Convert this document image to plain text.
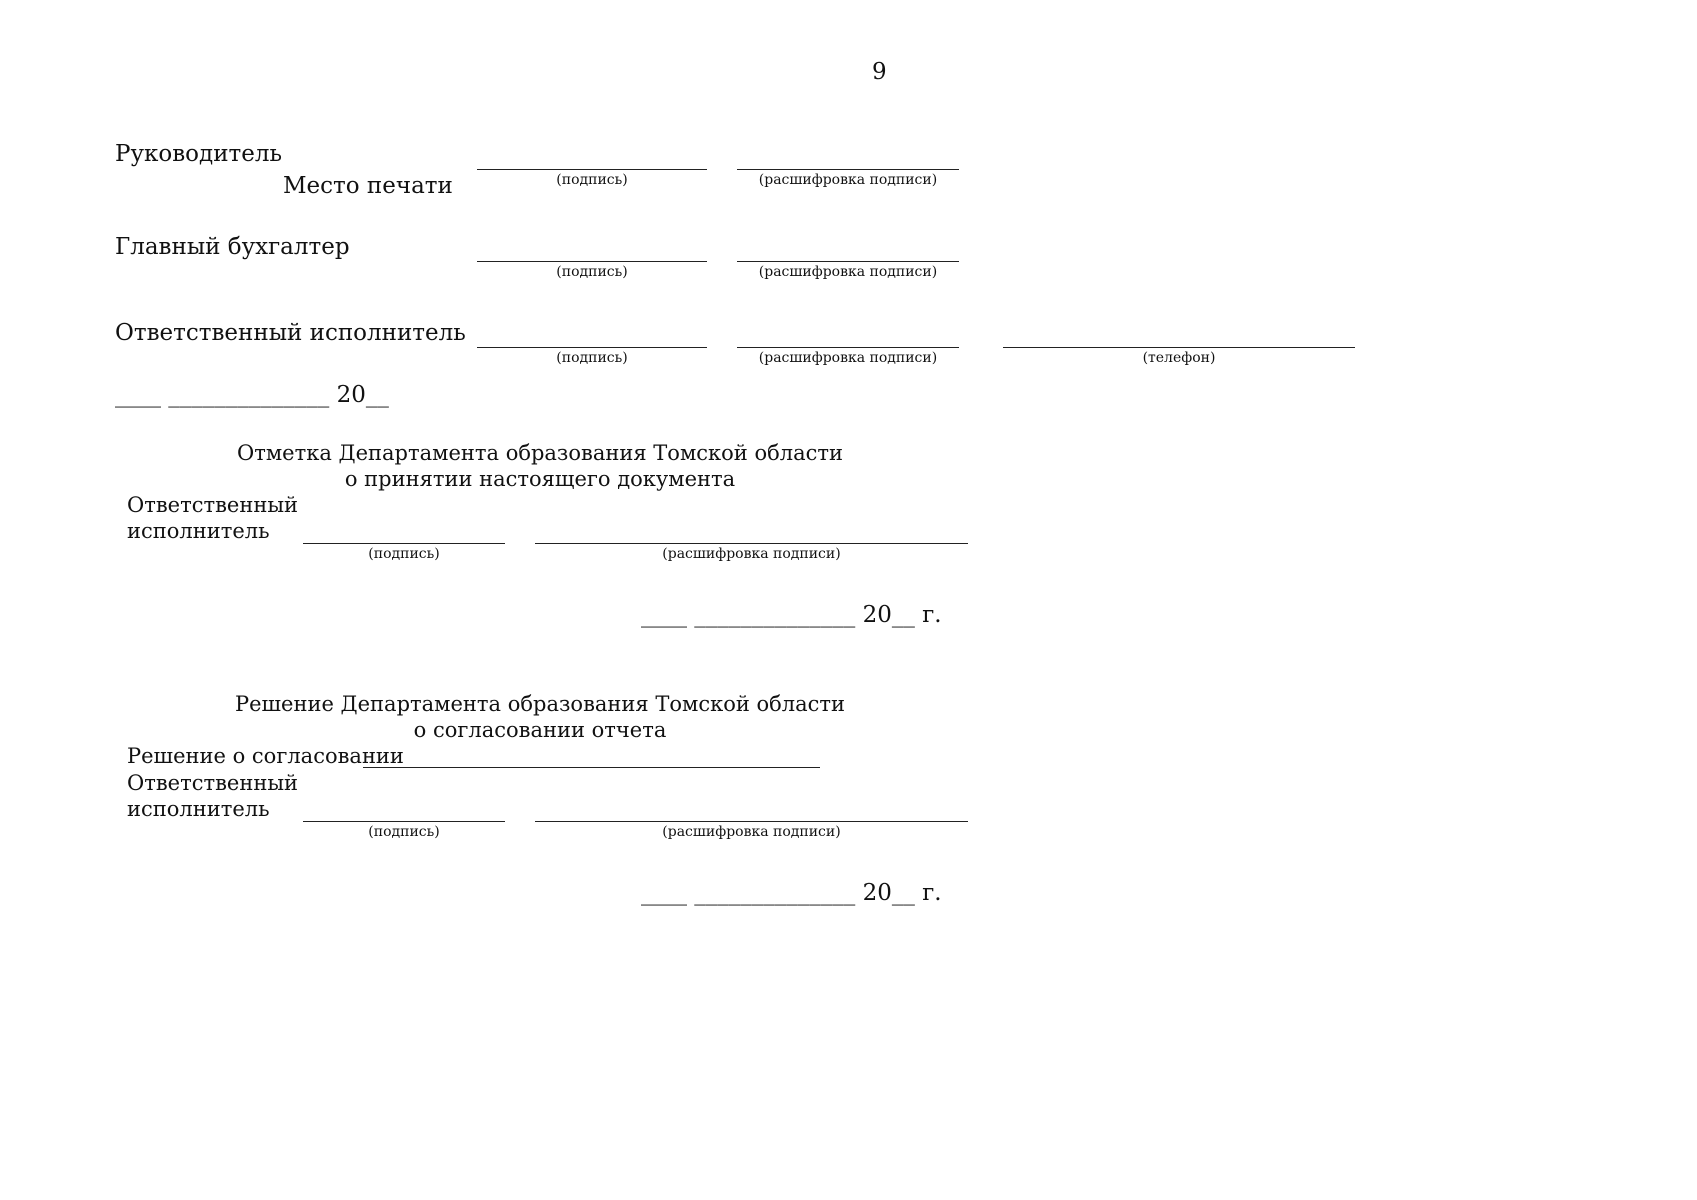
9
Руководитель
Место печати	(подпись)	(расшифровка подписи)
Главный бухгалтер
(подпись)	(расшифровка подписи)
Ответственный исполнитель
(подпись)	(расшифровка подписи)	(телефон)
____ ______________ 20__
Отметка Департамента образования Томской области
о принятии настоящего документа
Ответственный
исполнитель
(подпись)	(расшифровка подписи)
____ ______________ 20__ г.
Решение Департамента образования Томской области
о согласовании отчета
Решение о согласовании
Ответственный
исполнитель
(подпись)	(расшифровка подписи)
____ ______________ 20__ г.
